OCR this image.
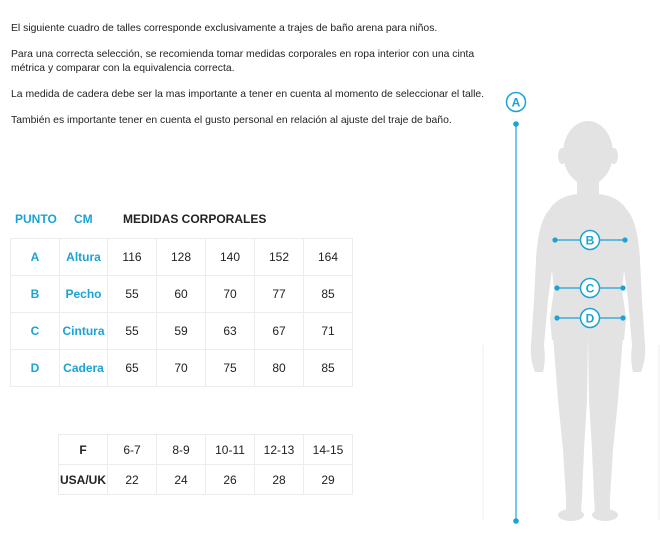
El siguiente cuadro de talles corresponde exclusivamente a trajes de baño arena para niños.

Para una correcta selección, se recomienda tomar medidas corporales en ropa interior con una cinta métrica y comparar con la equivalencia correcta.

La medida de cadera debe ser la mas importante a tener en cuenta al momento de seleccionar el talle.

También es importante tener en cuenta el gusto personal en relación al ajuste del traje de baño.

PUNTO CM	MEDIDAS CORPORALES
A	Altura	116	128	140	152	164
B	Pecho	55	60	70	77	85
C	Cintura	55	59	63	67	71
D	Cadera	65	70	75	80	85
F	6-7	8-9	10-11	12-13	14-15
USA/UK	22	24	26	28	29
A
B
C
D
